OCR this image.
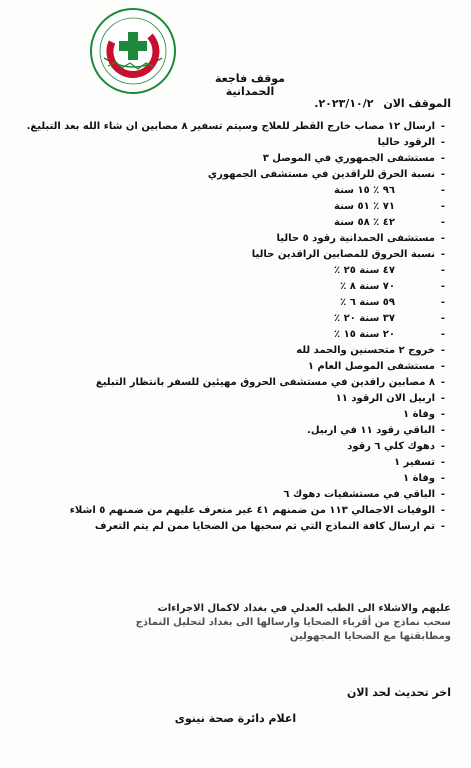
موقف فاجعة الحمدانية
الموقف الان ٢٠٢٣/١٠/٢.
-
ارسال ١٢ مصاب خارج القطر للعلاج وسيتم تسفير ٨ مصابين ان شاء الله بعد التبليغ.
-
الرقود حاليا
-
مستشفى الجمهوري في الموصل ٣
-
نسبة الحرق للراقدين في مستشفى الجمهوري
-
٩٦ ٪ ١٥ سنة
-
٧١ ٪ ٥١ سنة
-
٤٢ ٪ ٥٨ سنة
-
مستشفى الحمدانية رقود ٥ حاليا
-
نسبة الحروق للمصابين الراقدين حاليا
-
٤٧ سنة ٢٥ ٪
-
٧٠ سنة ٨ ٪
-
٥٩ سنة ٦ ٪
-
٣٧ سنة ٢٠ ٪
-
٢٠ سنة ١٥ ٪
-
خروج ٢ متحسنين والحمد لله
-
مستشفى الموصل العام ١
-
٨ مصابين راقدين في مستشفى الحروق مهيئين للسفر بانتظار التبليغ
-
اربيل الان الرقود ١١
-
وفاة ١
-
الباقي رقود ١١ في اربيل.
-
دهوك كلي ٦ رقود
-
تسفير ١
-
وفاة ١
-
الباقي في مستشفيات دهوك ٦
-
الوفيات الاجمالي ١١٣ من ضمنهم ٤١ غير متعرف عليهم من ضمنهم ٥ اشلاء
-
تم ارسال كافة النماذج التي تم سحبها من الضحايا ممن لم يتم التعرف

عليهم والاشلاء الى الطب العدلي في بغداد لاكمال الاجراءات

سحب نماذج من أقرباء الضحايا وارسالها الى بغداد لتحليل النماذج

ومطابقتها مع الضحايا المجهولين

اخر تحديث لحد الان
اعلام دائرة صحة نينوى
